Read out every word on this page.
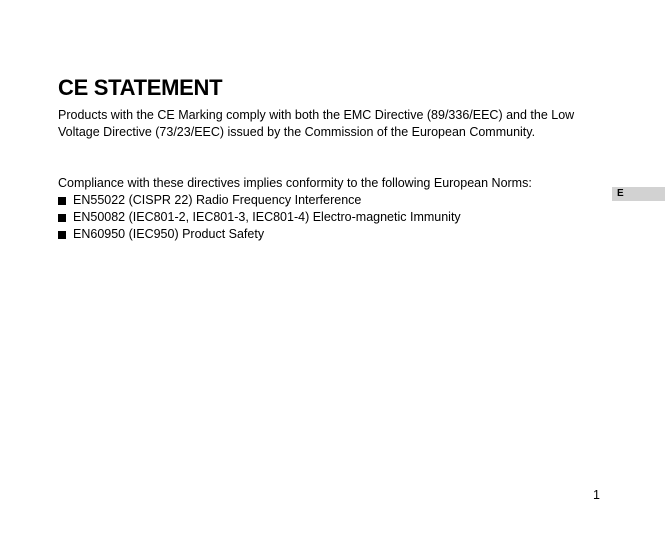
CE STATEMENT

Products with the CE Marking comply with both the EMC Directive (89/336/EEC) and the Low
Voltage Directive (73/23/EEC) issued by the Commission of the European Community.

Compliance with these directives implies conformity to the following European Norms:

EN55022 (CISPR 22) Radio Frequency Interference
EN50082 (IEC801-2, IEC801-3, IEC801-4) Electro-magnetic Immunity
EN60950 (IEC950) Product Safety
E
1
